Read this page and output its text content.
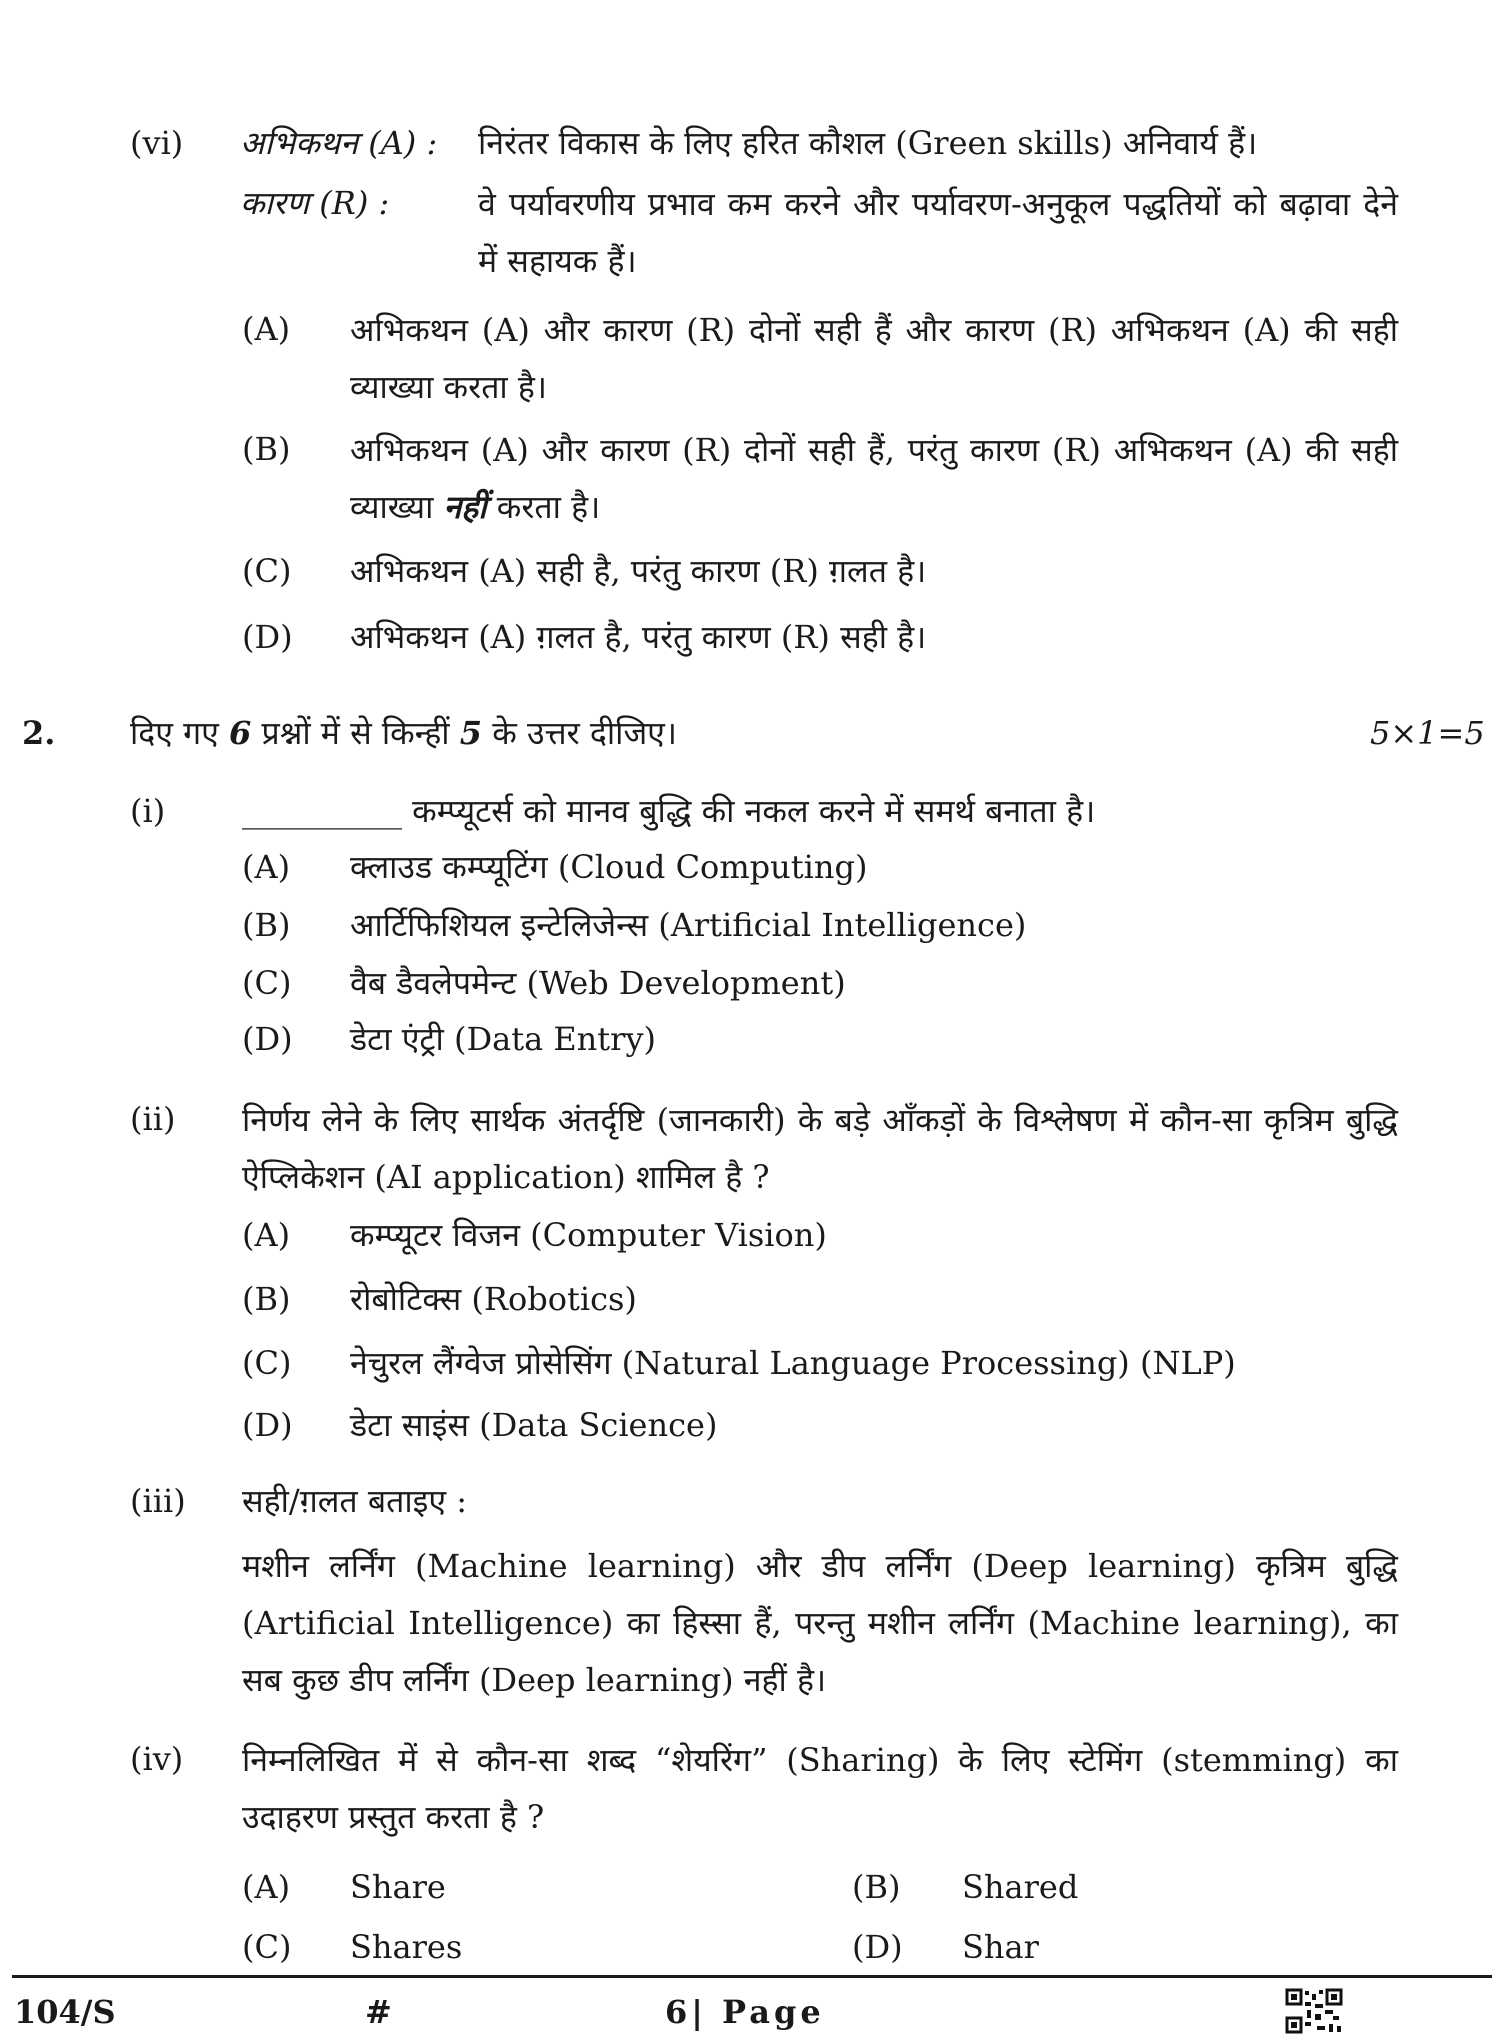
(vi) अभिकथन (A) : निरंतर विकास के लिए हरित कौशल (Green skills) अनिवार्य हैं।
कारण (R) :	वे पर्यावरणीय प्रभाव कम करने और पर्यावरण-अनुकूल पद्धतियों को बढ़ावा देने में सहायक हैं।
(A) अभिकथन (A) और कारण (R) दोनों सही हैं और कारण (R) अभिकथन (A) की सही व्याख्या करता है।
(B) अभिकथन (A) और कारण (R) दोनों सही हैं, परंतु कारण (R) अभिकथन (A) की सही व्याख्या नहीं करता है।
(C) अभिकथन (A) सही है, परंतु कारण (R) ग़लत है।
(D) अभिकथन (A) ग़लत है, परंतु कारण (R) सही है।
2. दिए गए 6 प्रश्नों में से किन्हीं 5 के उत्तर दीजिए।	5×1=5
(i) __________ कम्प्यूटर्स को मानव बुद्धि की नकल करने में समर्थ बनाता है।
(A) क्लाउड कम्प्यूटिंग (Cloud Computing)
(B) आर्टिफिशियल इन्टेलिजेन्स (Artificial Intelligence)
(C) वैब डैवलेपमेन्ट (Web Development)
(D) डेटा एंट्री (Data Entry)
(ii) निर्णय लेने के लिए सार्थक अंतर्दृष्टि (जानकारी) के बड़े आँकड़ों के विश्लेषण में कौन-सा कृत्रिम बुद्धि ऐप्लिकेशन (AI application) शामिल है ?
(A) कम्प्यूटर विजन (Computer Vision)
(B) रोबोटिक्स (Robotics)
(C) नेचुरल लैंग्वेज प्रोसेसिंग (Natural Language Processing) (NLP)
(D) डेटा साइंस (Data Science)
(iii) सही/ग़लत बताइए :
मशीन लर्निंग (Machine learning) और डीप लर्निंग (Deep learning) कृत्रिम बुद्धि (Artificial Intelligence) का हिस्सा हैं, परन्तु मशीन लर्निंग (Machine learning), का सब कुछ डीप लर्निंग (Deep learning) नहीं है।
(iv) निम्नलिखित में से कौन-सा शब्द “शेयरिंग” (Sharing) के लिए स्टेमिंग (stemming) का उदाहरण प्रस्तुत करता है ?
(A) Share	(B) Shared
(C) Shares	(D) Shar
104/S	#	6| Page
